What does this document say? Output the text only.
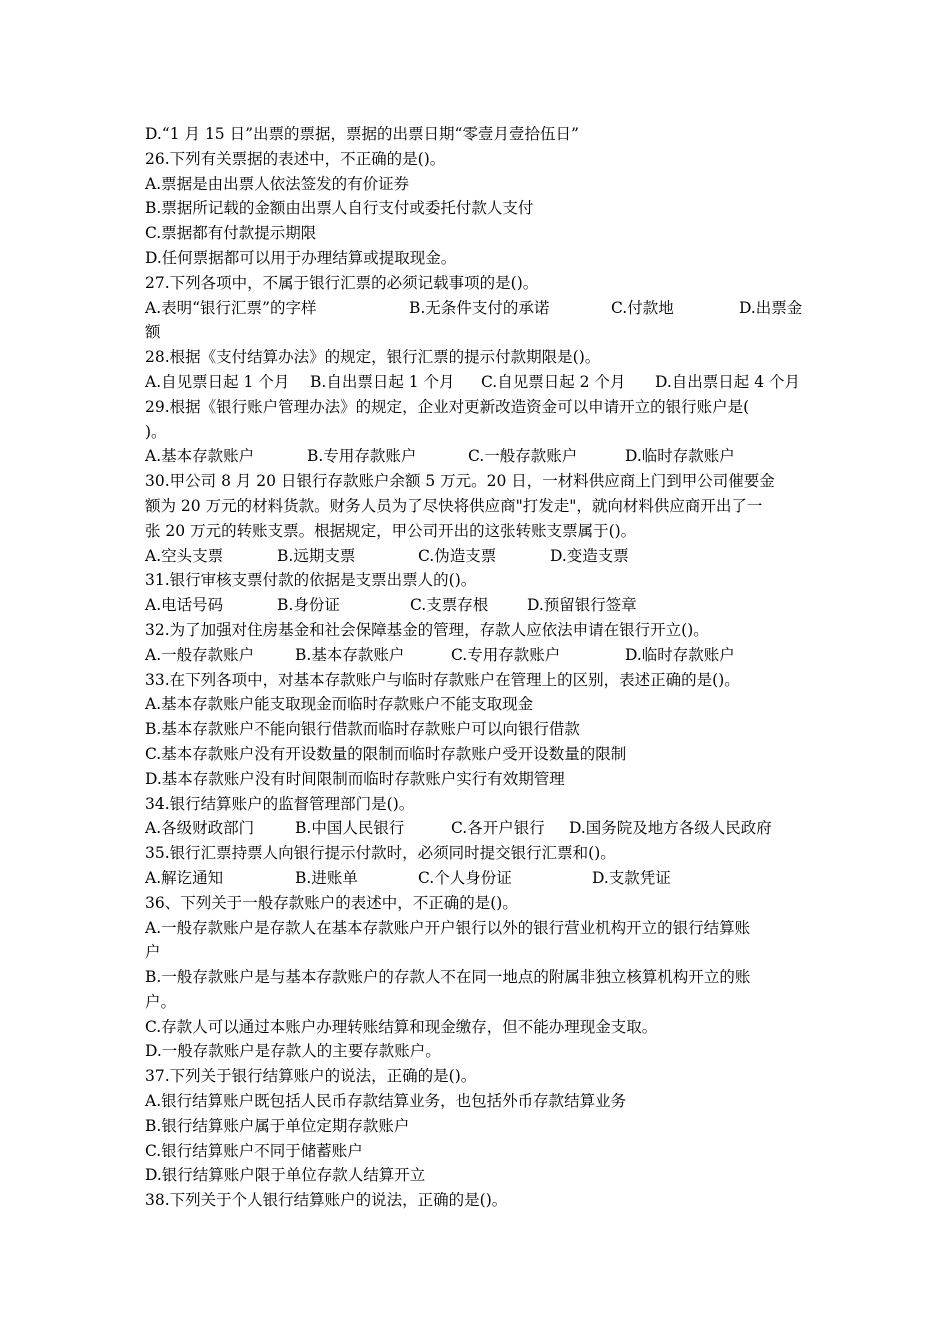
D.“1 月 15 日”出票的票据，票据的出票日期“零壹月壹拾伍日”
26.下列有关票据的表述中，不正确的是()。
A.票据是由出票人依法签发的有价证券
B.票据所记载的金额由出票人自行支付或委托付款人支付
C.票据都有付款提示期限
D.任何票据都可以用于办理结算或提取现金。
27.下列各项中，不属于银行汇票的必须记载事项的是()。
A.表明“银行汇票”的字样	B.无条件支付的承诺	C.付款地	D.出票金
额
28.根据《支付结算办法》的规定，银行汇票的提示付款期限是()。
A.自见票日起 1 个月 B.自出票日起 1 个月 C.自见票日起 2 个月 D.自出票日起 4 个月
29.根据《银行账户管理办法》的规定，企业对更新改造资金可以申请开立的银行账户是(
)。
A.基本存款账户	B.专用存款账户	C.一般存款账户	D.临时存款账户
30.甲公司 8 月 20 日银行存款账户余额 5 万元。20 日，一材料供应商上门到甲公司催要金
额为 20 万元的材料货款。财务人员为了尽快将供应商"打发走"，就向材料供应商开出了一
张 20 万元的转账支票。根据规定，甲公司开出的这张转账支票属于()。
A.空头支票	B.远期支票	C.伪造支票	D.变造支票
31.银行审核支票付款的依据是支票出票人的()。
A.电话号码	B.身份证	C.支票存根	D.预留银行签章
32.为了加强对住房基金和社会保障基金的管理，存款人应依法申请在银行开立()。
A.一般存款账户	B.基本存款账户	C.专用存款账户	D.临时存款账户
33.在下列各项中，对基本存款账户与临时存款账户在管理上的区别，表述正确的是()。
A.基本存款账户能支取现金而临时存款账户不能支取现金
B.基本存款账户不能向银行借款而临时存款账户可以向银行借款
C.基本存款账户没有开设数量的限制而临时存款账户受开设数量的限制
D.基本存款账户没有时间限制而临时存款账户实行有效期管理
34.银行结算账户的监督管理部门是()。
A.各级财政部门	B.中国人民银行	C.各开户银行 D.国务院及地方各级人民政府
35.银行汇票持票人向银行提示付款时，必须同时提交银行汇票和()。
A.解讫通知	B.进账单	C.个人身份证	D.支款凭证
36、下列关于一般存款账户的表述中，不正确的是()。
A.一般存款账户是存款人在基本存款账户开户银行以外的银行营业机构开立的银行结算账
户
B.一般存款账户是与基本存款账户的存款人不在同一地点的附属非独立核算机构开立的账
户。
C.存款人可以通过本账户办理转账结算和现金缴存，但不能办理现金支取。
D.一般存款账户是存款人的主要存款账户。
37.下列关于银行结算账户的说法，正确的是()。
A.银行结算账户既包括人民币存款结算业务，也包括外币存款结算业务
B.银行结算账户属于单位定期存款账户
C.银行结算账户不同于储蓄账户
D.银行结算账户限于单位存款人结算开立
38.下列关于个人银行结算账户的说法，正确的是()。
